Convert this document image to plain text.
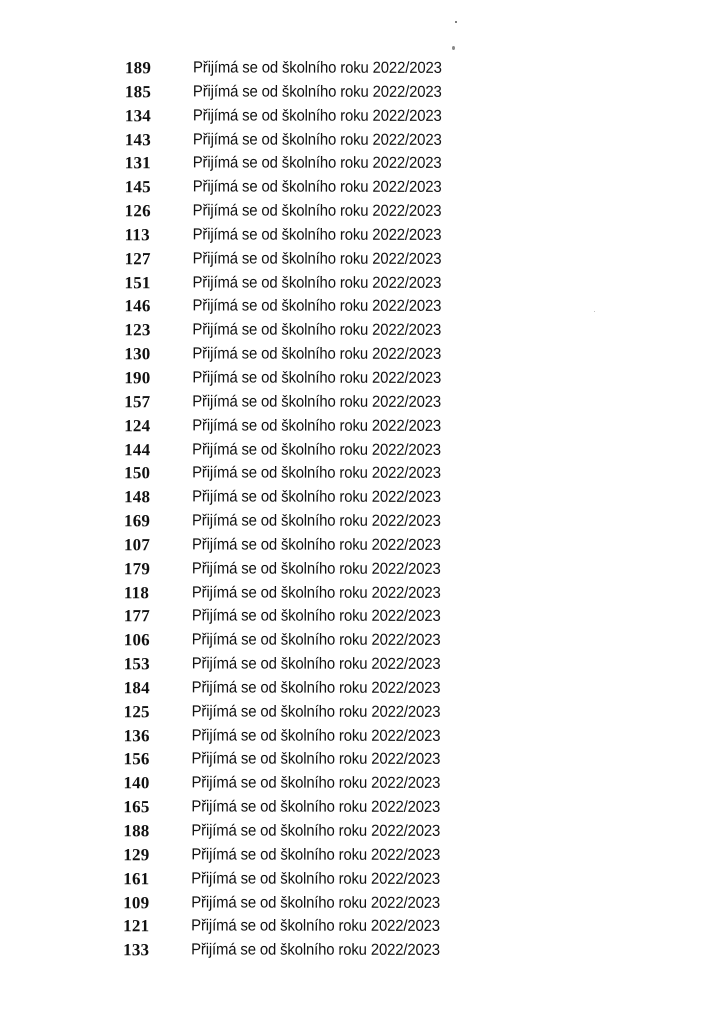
189	Přijímá se od školního roku 2022/2023
185	Přijímá se od školního roku 2022/2023
134	Přijímá se od školního roku 2022/2023
143	Přijímá se od školního roku 2022/2023
131	Přijímá se od školního roku 2022/2023
145	Přijímá se od školního roku 2022/2023
126	Přijímá se od školního roku 2022/2023
113	Přijímá se od školního roku 2022/2023
127	Přijímá se od školního roku 2022/2023
151	Přijímá se od školního roku 2022/2023
146	Přijímá se od školního roku 2022/2023
123	Přijímá se od školního roku 2022/2023
130	Přijímá se od školního roku 2022/2023
190	Přijímá se od školního roku 2022/2023
157	Přijímá se od školního roku 2022/2023
124	Přijímá se od školního roku 2022/2023
144	Přijímá se od školního roku 2022/2023
150	Přijímá se od školního roku 2022/2023
148	Přijímá se od školního roku 2022/2023
169	Přijímá se od školního roku 2022/2023
107	Přijímá se od školního roku 2022/2023
179	Přijímá se od školního roku 2022/2023
118	Přijímá se od školního roku 2022/2023
177	Přijímá se od školního roku 2022/2023
106	Přijímá se od školního roku 2022/2023
153	Přijímá se od školního roku 2022/2023
184	Přijímá se od školního roku 2022/2023
125	Přijímá se od školního roku 2022/2023
136	Přijímá se od školního roku 2022/2023
156	Přijímá se od školního roku 2022/2023
140	Přijímá se od školního roku 2022/2023
165	Přijímá se od školního roku 2022/2023
188	Přijímá se od školního roku 2022/2023
129	Přijímá se od školního roku 2022/2023
161	Přijímá se od školního roku 2022/2023
109	Přijímá se od školního roku 2022/2023
121	Přijímá se od školního roku 2022/2023
133	Přijímá se od školního roku 2022/2023
